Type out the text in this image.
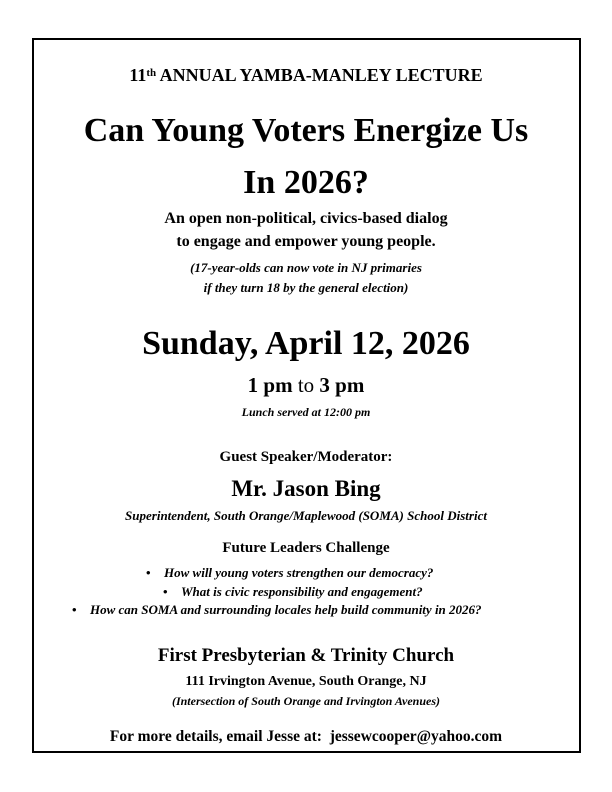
11th ANNUAL YAMBA-MANLEY LECTURE
Can Young Voters Energize Us
In 2026?
An open non-political, civics-based dialog
to engage and empower young people.
(17-year-olds can now vote in NJ primaries
if they turn 18 by the general election)
Sunday, April 12, 2026
1 pm to 3 pm
Lunch served at 12:00 pm
Guest Speaker/Moderator:
Mr. Jason Bing
Superintendent, South Orange/Maplewood (SOMA) School District
Future Leaders Challenge
• How will young voters strengthen our democracy?
• What is civic responsibility and engagement?
• How can SOMA and surrounding locales help build community in 2026?
First Presbyterian & Trinity Church
111 Irvington Avenue, South Orange, NJ
(Intersection of South Orange and Irvington Avenues)
For more details, email Jesse at:  jessewcooper@yahoo.com
